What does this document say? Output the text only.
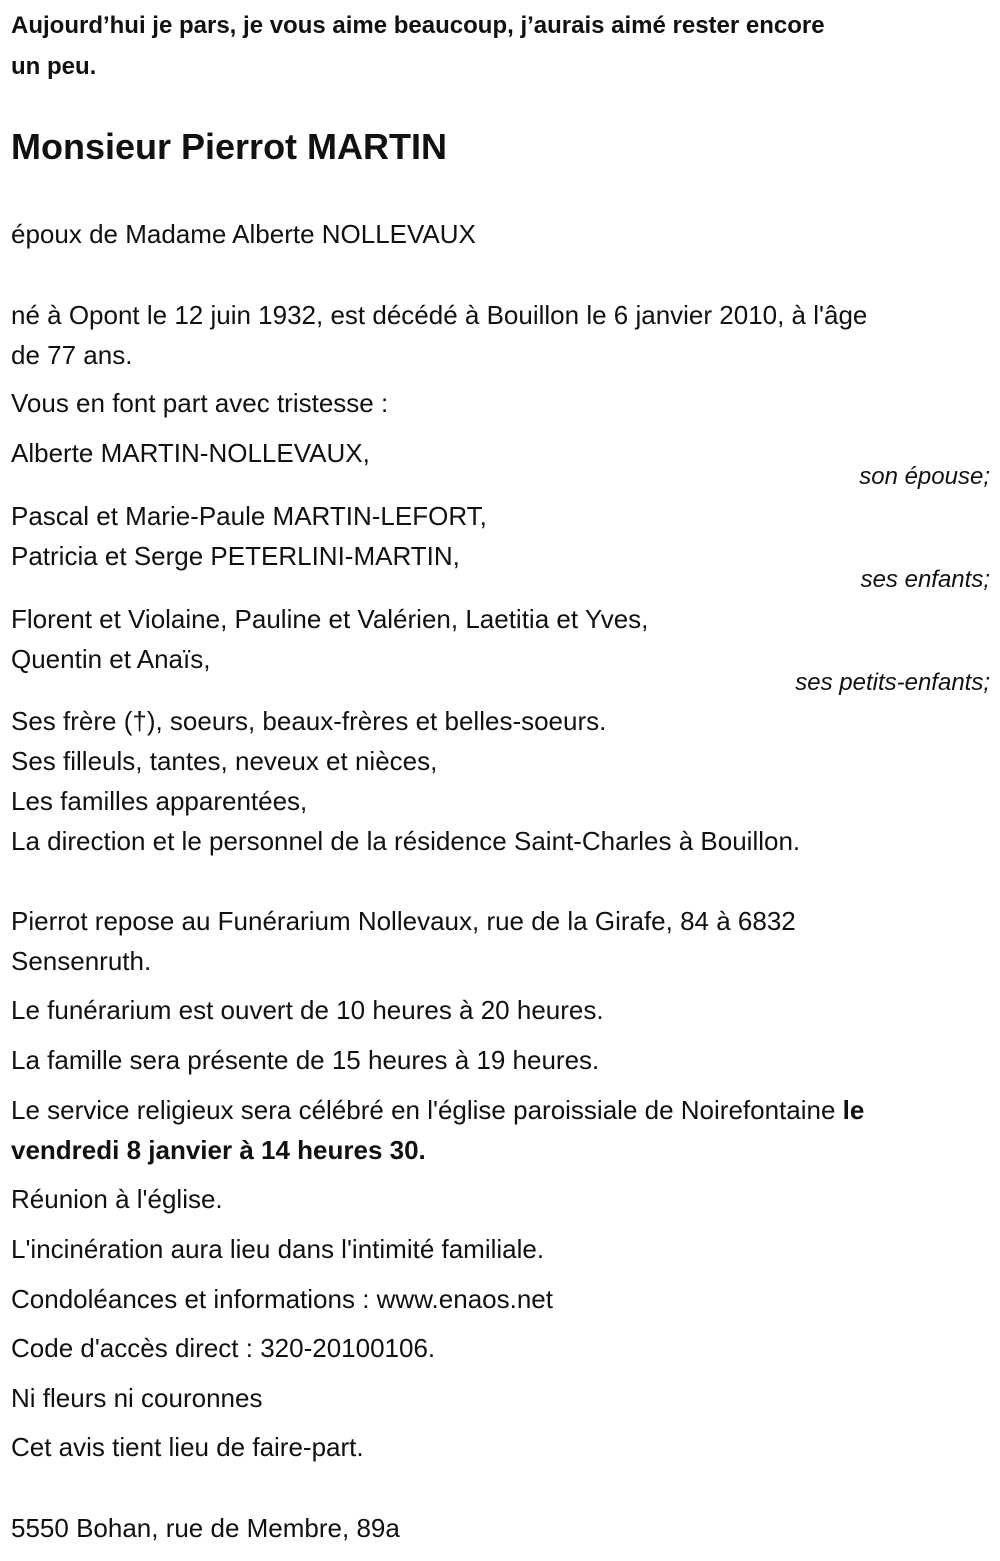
Aujourd’hui je pars, je vous aime beaucoup, j’aurais aimé rester encore
un peu.
Monsieur Pierrot MARTIN
époux de Madame Alberte NOLLEVAUX
né à Opont le 12 juin 1932, est décédé à Bouillon le 6 janvier 2010, à l'âge
de 77 ans.
Vous en font part avec tristesse :
Alberte MARTIN-NOLLEVAUX,
son épouse;
Pascal et Marie-Paule MARTIN-LEFORT,
Patricia et Serge PETERLINI-MARTIN,
ses enfants;
Florent et Violaine, Pauline et Valérien, Laetitia et Yves,
Quentin et Anaïs,
ses petits-enfants;
Ses frère (†), soeurs, beaux-frères et belles-soeurs.
Ses filleuls, tantes, neveux et nièces,
Les familles apparentées,
La direction et le personnel de la résidence Saint-Charles à Bouillon.
Pierrot repose au Funérarium Nollevaux, rue de la Girafe, 84 à 6832
Sensenruth.
Le funérarium est ouvert de 10 heures à 20 heures.
La famille sera présente de 15 heures à 19 heures.
Le service religieux sera célébré en l'église paroissiale de Noirefontaine le
vendredi 8 janvier à 14 heures 30.
Réunion à l'église.
L'incinération aura lieu dans l'intimité familiale.
Condoléances et informations : www.enaos.net
Code d'accès direct : 320-20100106.
Ni fleurs ni couronnes
Cet avis tient lieu de faire-part.
5550 Bohan, rue de Membre, 89a
